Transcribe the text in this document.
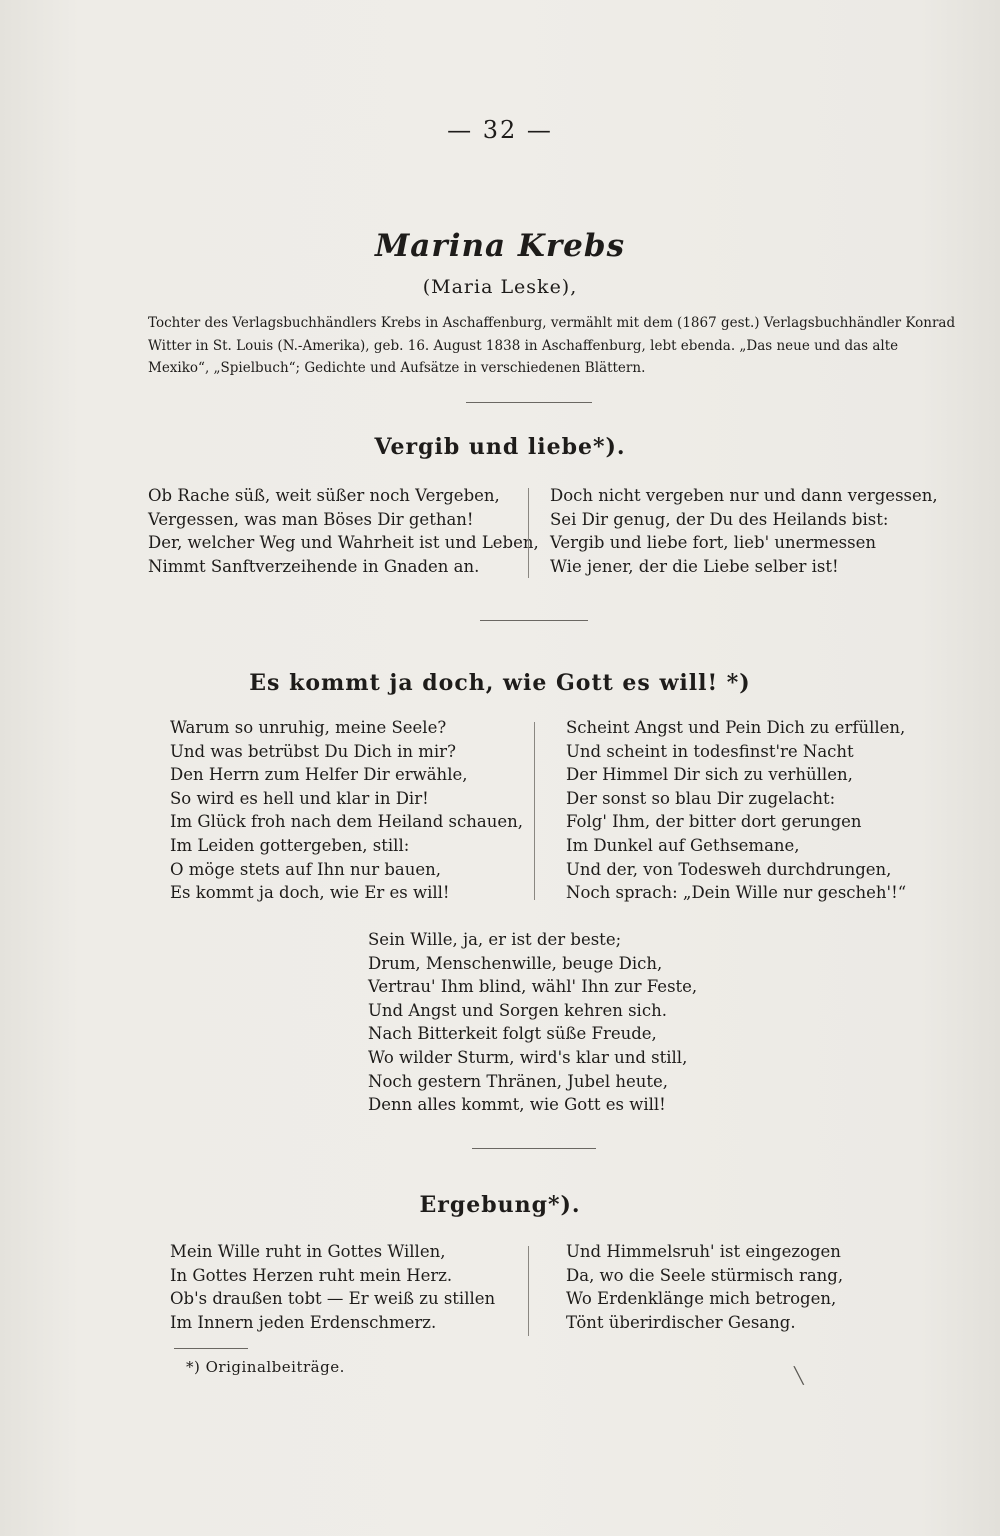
— 32 —
Marina Krebs
(Maria Leske),
Tochter des Verlagsbuchhändlers Krebs in Aschaffenburg, vermählt mit dem (1867 gest.) Verlagsbuchhändler Konrad
Witter in St. Louis (N.-Amerika), geb. 16. August 1838 in Aschaffenburg, lebt ebenda. „Das neue und das alte
Mexiko“, „Spielbuch“; Gedichte und Aufsätze in verschiedenen Blättern.
Vergib und liebe*).
Ob Rache süß, weit süßer noch Vergeben,
Vergessen, was man Böses Dir gethan!
Der, welcher Weg und Wahrheit ist und Leben,
Nimmt Sanftverzeihende in Gnaden an.
Doch nicht vergeben nur und dann vergessen,
Sei Dir genug, der Du des Heilands bist:
Vergib und liebe fort, lieb' unermessen
Wie jener, der die Liebe selber ist!
Es kommt ja doch, wie Gott es will! *)
Warum so unruhig, meine Seele?
Und was betrübst Du Dich in mir?
Den Herrn zum Helfer Dir erwähle,
So wird es hell und klar in Dir!
Im Glück froh nach dem Heiland schauen,
Im Leiden gottergeben, still:
O möge stets auf Ihn nur bauen,
Es kommt ja doch, wie Er es will!
Scheint Angst und Pein Dich zu erfüllen,
Und scheint in todesfinst're Nacht
Der Himmel Dir sich zu verhüllen,
Der sonst so blau Dir zugelacht:
Folg' Ihm, der bitter dort gerungen
Im Dunkel auf Gethsemane,
Und der, von Todesweh durchdrungen,
Noch sprach: „Dein Wille nur gescheh'!“
Sein Wille, ja, er ist der beste;
Drum, Menschenwille, beuge Dich,
Vertrau' Ihm blind, wähl' Ihn zur Feste,
Und Angst und Sorgen kehren sich.
Nach Bitterkeit folgt süße Freude,
Wo wilder Sturm, wird's klar und still,
Noch gestern Thränen, Jubel heute,
Denn alles kommt, wie Gott es will!
Ergebung*).
Mein Wille ruht in Gottes Willen,
In Gottes Herzen ruht mein Herz.
Ob's draußen tobt — Er weiß zu stillen
Im Innern jeden Erdenschmerz.
Und Himmelsruh' ist eingezogen
Da, wo die Seele stürmisch rang,
Wo Erdenklänge mich betrogen,
Tönt überirdischer Gesang.
*) Originalbeiträge.	╲
